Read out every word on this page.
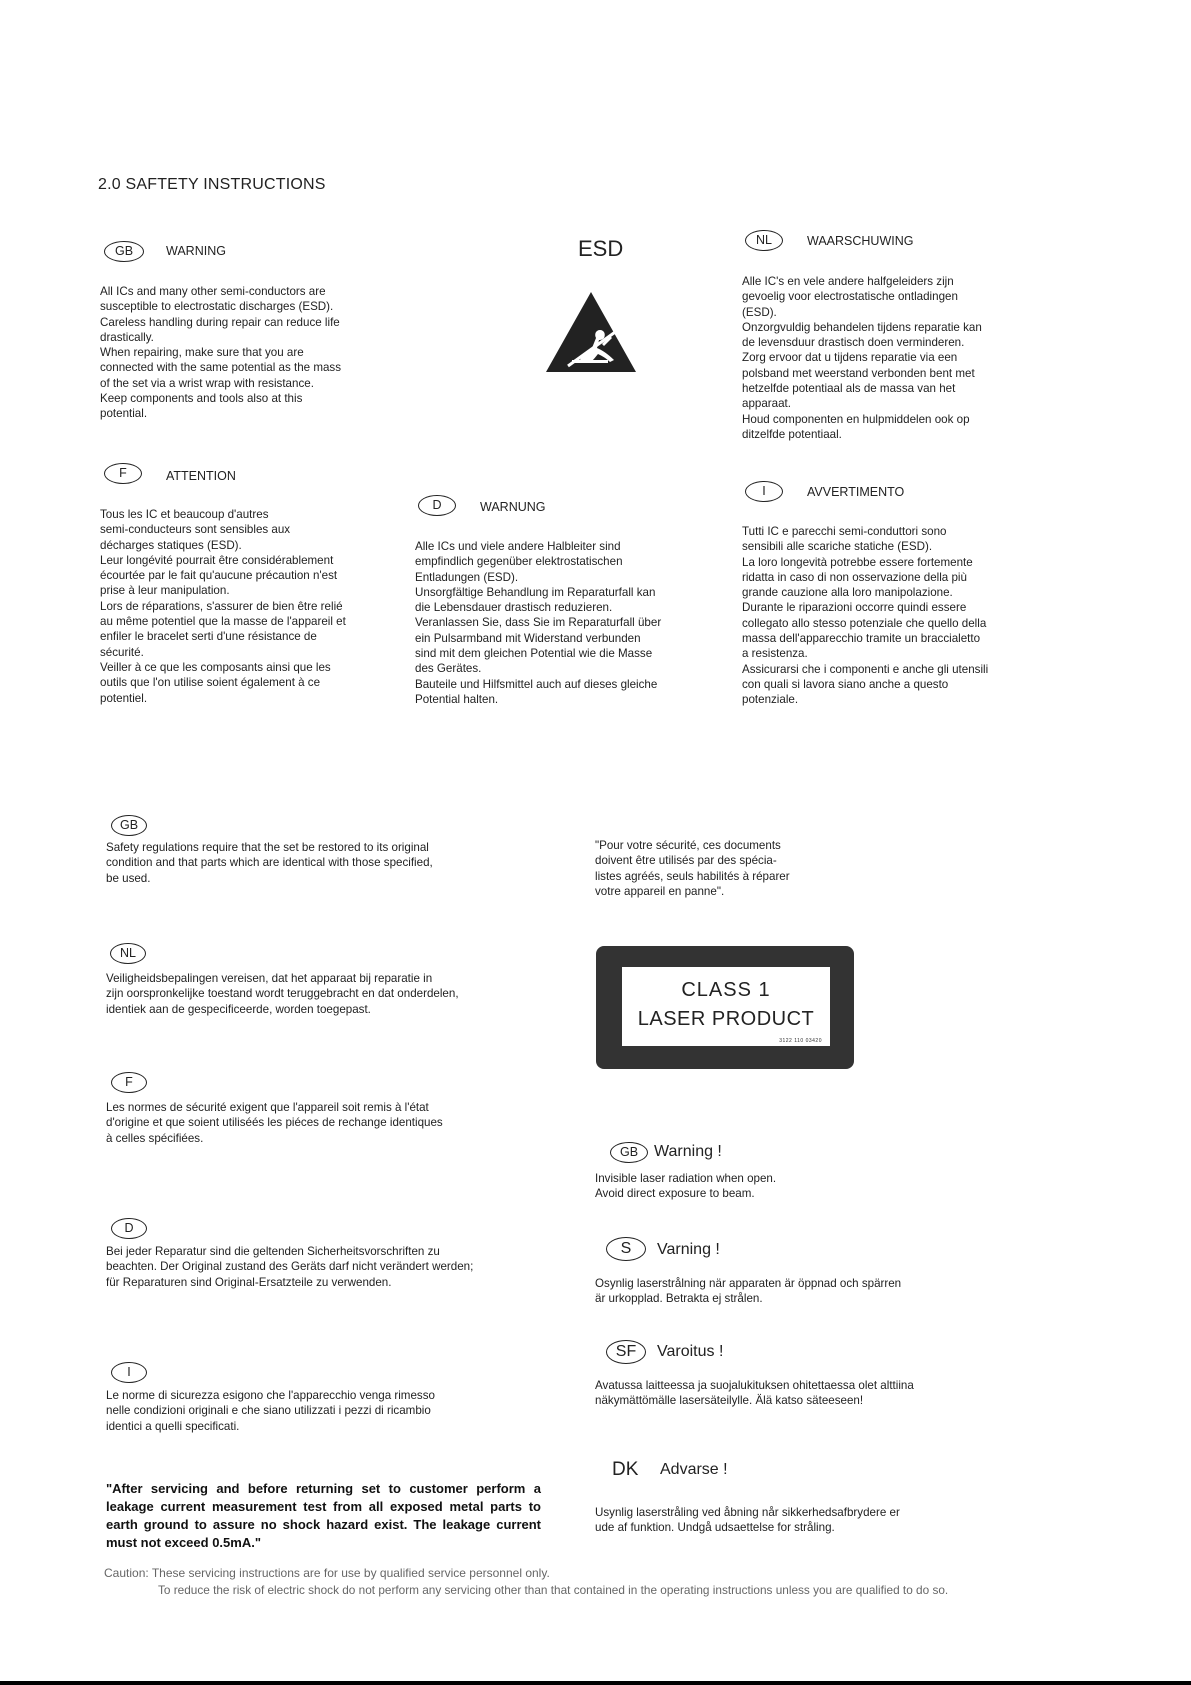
2.0 SAFTETY INSTRUCTIONS
ESD
GB	WARNING
All ICs and many other semi-conductors are
susceptible to electrostatic discharges (ESD).
Careless handling during repair can reduce life
drastically.
When repairing, make sure that you are
connected with the same potential as the mass
of the set via a wrist wrap with resistance.
Keep components and tools also at this
potential.
NL	WAARSCHUWING
Alle IC's en vele andere halfgeleiders zijn
gevoelig voor electrostatische ontladingen
(ESD).
Onzorgvuldig behandelen tijdens reparatie kan
de levensduur drastisch doen verminderen.
Zorg ervoor dat u tijdens reparatie via een
polsband met weerstand verbonden bent met
hetzelfde potentiaal als de massa van het
apparaat.
Houd componenten en hulpmiddelen ook op
ditzelfde potentiaal.
F	ATTENTION
Tous les IC et beaucoup d'autres
semi-conducteurs sont sensibles aux
décharges statiques (ESD).
Leur longévité pourrait être considérablement
écourtée par le fait qu'aucune précaution n'est
prise à leur manipulation.
Lors de réparations, s'assurer de bien être relié
au même potentiel que la masse de l'appareil et
enfiler le bracelet serti d'une résistance de
sécurité.
Veiller à ce que les composants ainsi que les
outils que l'on utilise soient également à ce
potentiel.
D	WARNUNG
Alle ICs und viele andere Halbleiter sind
empfindlich gegenüber elektrostatischen
Entladungen (ESD).
Unsorgfältige Behandlung im Reparaturfall kan
die Lebensdauer drastisch reduzieren.
Veranlassen Sie, dass Sie im Reparaturfall über
ein Pulsarmband mit Widerstand verbunden
sind mit dem gleichen Potential wie die Masse
des Gerätes.
Bauteile und Hilfsmittel auch auf dieses gleiche
Potential halten.
I	AVVERTIMENTO
Tutti IC e parecchi semi-conduttori sono
sensibili alle scariche statiche (ESD).
La loro longevità potrebbe essere fortemente
ridatta in caso di non osservazione della più
grande cauzione alla loro manipolazione.
Durante le riparazioni occorre quindi essere
collegato allo stesso potenziale che quello della
massa dell'apparecchio tramite un braccialetto
a resistenza.
Assicurarsi che i componenti e anche gli utensili
con quali si lavora siano anche a questo
potenziale.
GB
Safety regulations require that the set be restored to its original
condition and that parts which are identical with those specified,
be used.
NL
Veiligheidsbepalingen vereisen, dat het apparaat bij reparatie in
zijn oorspronkelijke toestand wordt teruggebracht en dat onderdelen,
identiek aan de gespecificeerde, worden toegepast.
F
Les normes de sécurité exigent que l'appareil soit remis à l'état
d'origine et que soient utiliséés les piéces de rechange identiques
à celles spécifiées.
D
Bei jeder Reparatur sind die geltenden Sicherheitsvorschriften zu
beachten. Der Original zustand des Geräts darf nicht verändert werden;
für Reparaturen sind Original-Ersatzteile zu verwenden.
I
Le norme di sicurezza esigono che l'apparecchio venga rimesso
nelle condizioni originali e che siano utilizzati i pezzi di ricambio
identici a quelli specificati.
"Pour votre sécurité, ces documents
doivent être utilisés par des spécia-
listes agréés, seuls habilités à réparer
votre appareil en panne".
CLASS 1
LASER PRODUCT
3122 110 03420
GB Warning !
Invisible laser radiation when open.
Avoid direct exposure to beam.
S	Varning !
Osynlig laserstrålning när apparaten är öppnad och spärren
är urkopplad. Betrakta ej strålen.
SF	Varoitus !
Avatussa laitteessa ja suojalukituksen ohitettaessa olet alttiina
näkymättömälle lasersäteilylle. Älä katso säteeseen!
DK Advarse !
Usynlig laserstråling ved åbning når sikkerhedsafbrydere er
ude af funktion. Undgå udsaettelse for stråling.
"After servicing and before returning set to customer perform a leakage current measurement test from all exposed metal parts to earth ground to assure no shock hazard exist. The leakage current must not exceed 0.5mA."
Caution: These servicing instructions are for use by qualified service personnel only.
To reduce the risk of electric shock do not perform any servicing other than that contained in the operating instructions unless you are qualified to do so.
